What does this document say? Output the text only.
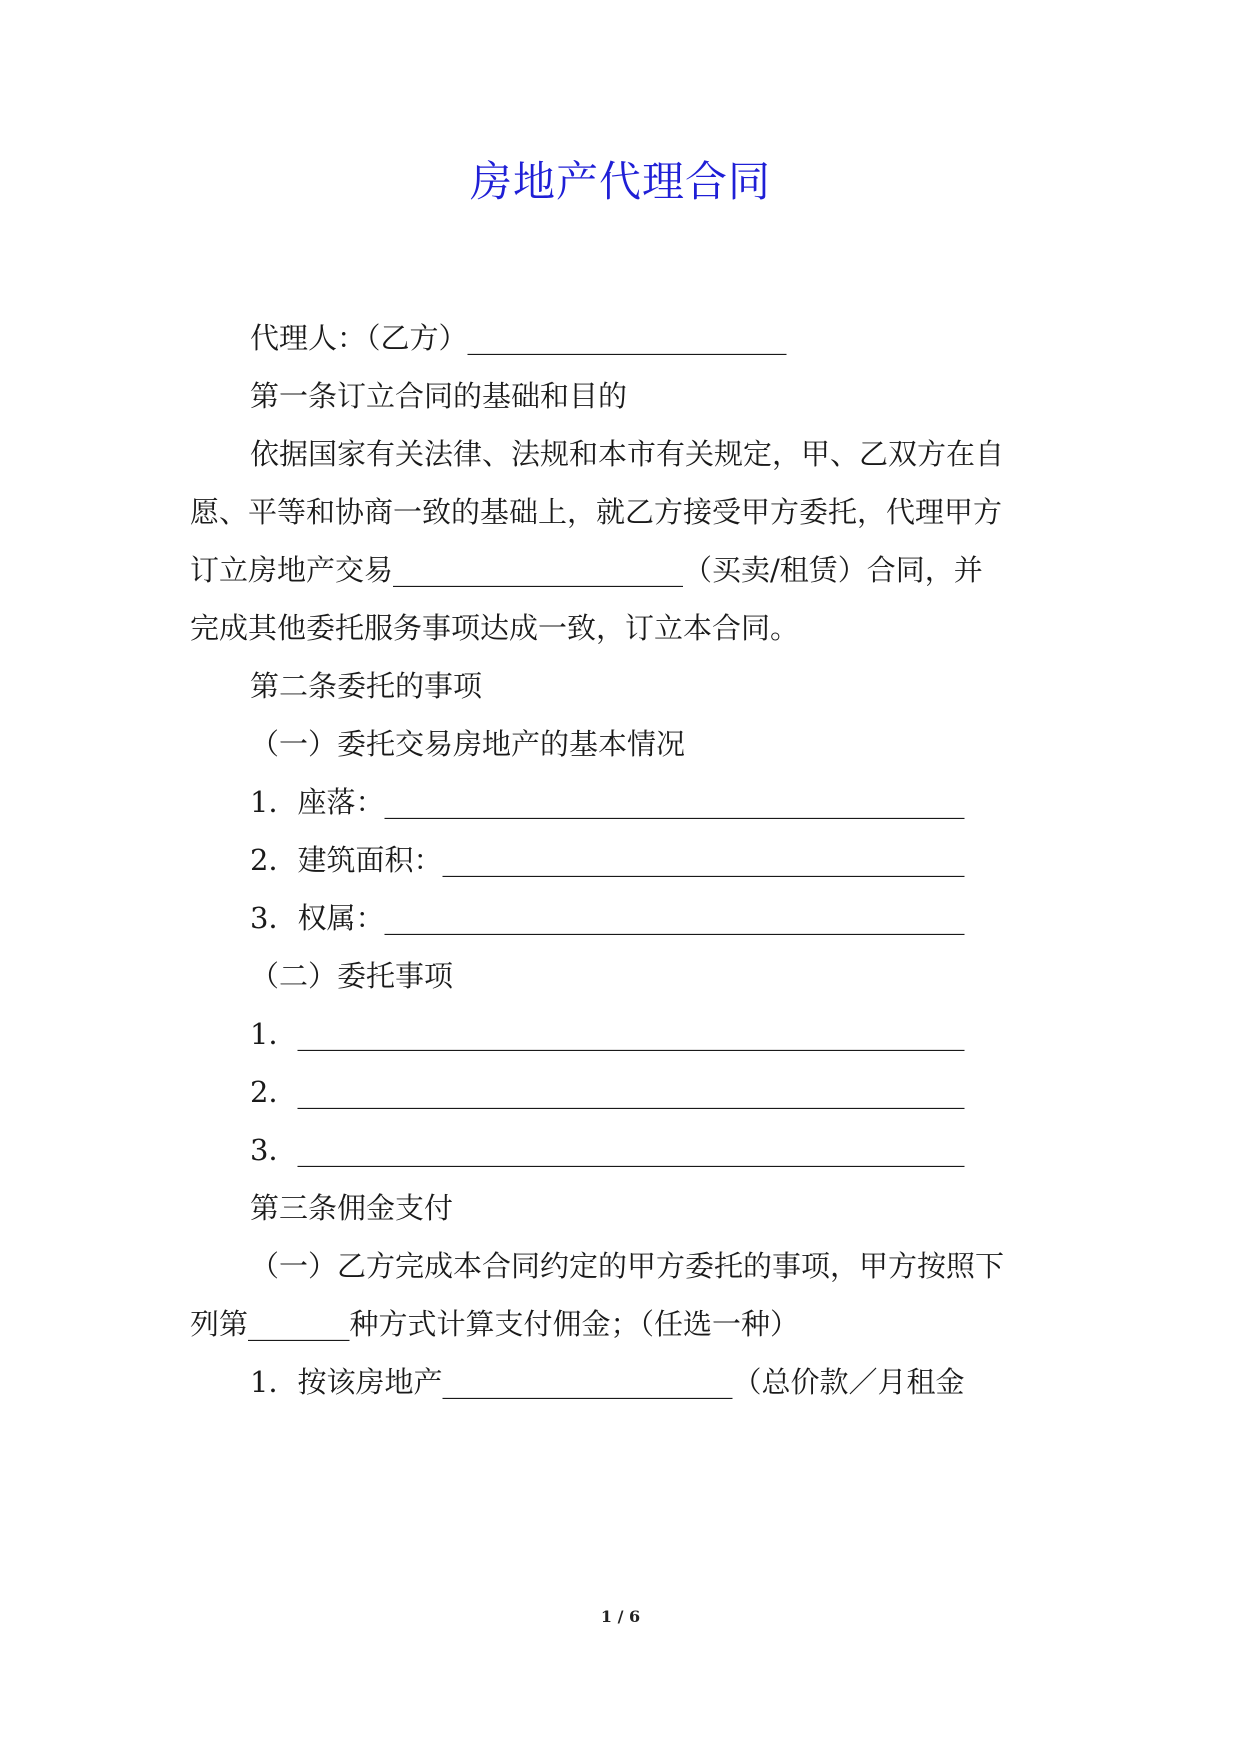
房地产代理合同
代理人：（乙方）______________________
第一条订立合同的基础和目的
依据国家有关法律、法规和本市有关规定，甲、乙双方在自
愿、平等和协商一致的基础上，就乙方接受甲方委托，代理甲方
订立房地产交易____________________（买卖/租赁）合同，并
完成其他委托服务事项达成一致，订立本合同。
第二条委托的事项
（一）委托交易房地产的基本情况
1．座落：________________________________________
2．建筑面积：____________________________________
3．权属：________________________________________
（二）委托事项
1．______________________________________________
2．______________________________________________
3．______________________________________________
第三条佣金支付
（一）乙方完成本合同约定的甲方委托的事项，甲方按照下
列第_______种方式计算支付佣金；（任选一种）
1．按该房地产____________________（总价款／月租金
1 / 6
